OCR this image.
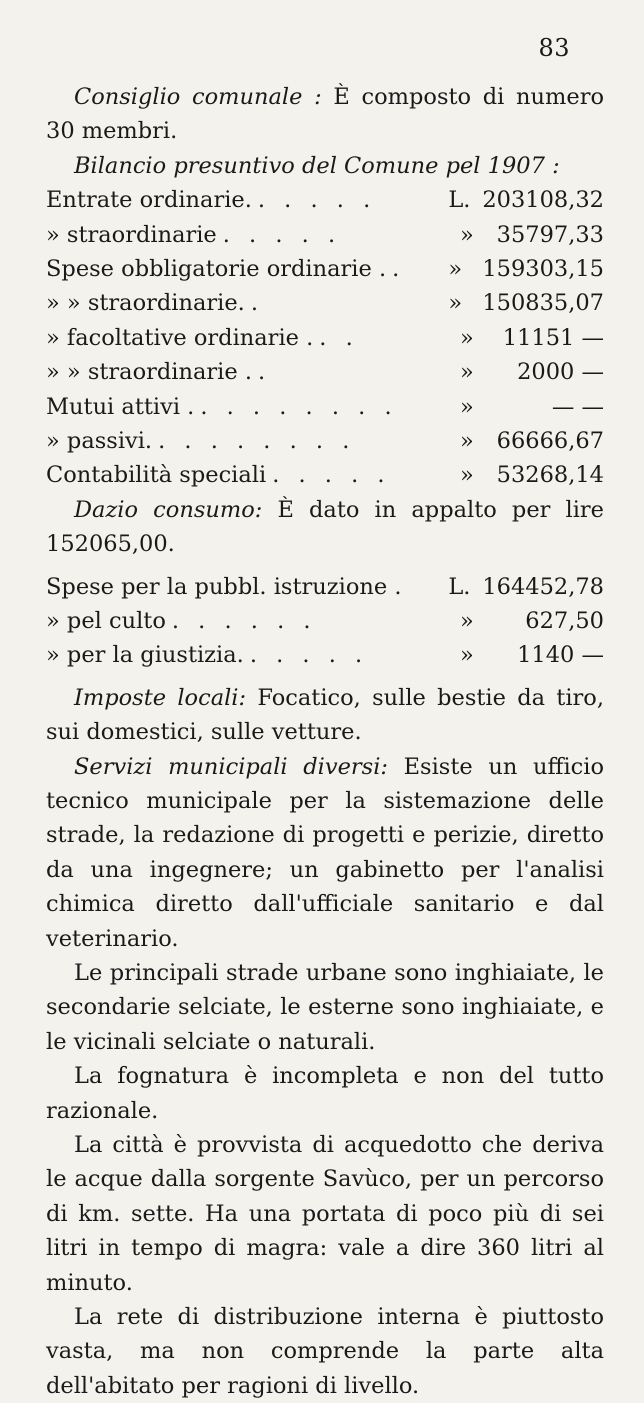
83

Consiglio comunale : È composto di numero 30 membri.

Bilancio presuntivo del Comune pel 1907 :

Entrate ordinarie. . . . . .	L. 203108,32
» straordinarie . . . . .	»	35797,33
Spese obbligatorie ordinarie . .	» 159303,15
» » straordinarie. .	» 150835,07
» facoltative ordinarie . . .	»	11151 —
» » straordinarie . .	»	2000 —
Mutui attivi . . . . . . . . .	»	— —
» passivi. . . . . . . . .	»	66666,67
Contabilità speciali . . . . .	»	53268,14

Dazio consumo: È dato in appalto per lire 152065,00.

Spese per la pubbl. istruzione . L. 164452,78
» pel culto . . . . . .	»	627,50
» per la giustizia. . . . . .	»	1140 —

Imposte locali: Focatico, sulle bestie da tiro, sui domestici, sulle vetture.

Servizi municipali diversi: Esiste un ufficio tecnico municipale per la sistemazione delle strade, la redazione di progetti e perizie, diretto da una ingegnere; un gabinetto per l'analisi chimica diretto dall'ufficiale sanitario e dal veterinario.

Le principali strade urbane sono inghiaiate, le secondarie selciate, le esterne sono inghiaiate, e le vicinali selciate o naturali.

La fognatura è incompleta e non del tutto razionale.

La città è provvista di acquedotto che deriva le acque dalla sorgente Savùco, per un percorso di km. sette. Ha una portata di poco più di sei litri in tempo di magra: vale a dire 360 litri al minuto.

La rete di distribuzione interna è piuttosto vasta, ma non comprende la parte alta dell'abitato per ragioni di livello.
